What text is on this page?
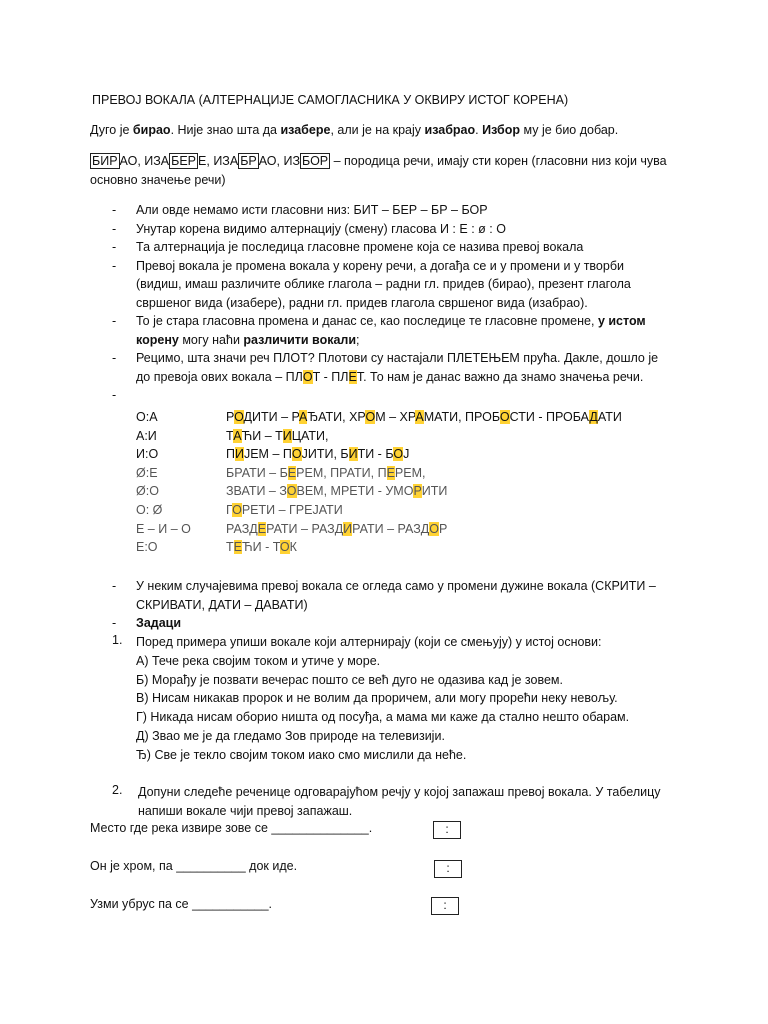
ПРЕВОЈ ВОКАЛА (АЛТЕРНАЦИЈЕ САМОГЛАСНИКА У ОКВИРУ ИСТОГ КОРЕНА)
Дуго је бирао. Није знао шта да изабере, али је на крају изабрао. Избор му је био добар.
БИР АО, ИЗА БЕР Е, ИЗА БР АО, ИЗ БОР – породица речи, имају сти корен (гласовни низ који чува
основно значење речи)
- Али овде немамо исти гласовни низ: БИТ – БЕР – БР – БОР
- Унутар корена видимо алтернацију (смену) гласова И : Е : ø : О
- Та алтернација је последица гласовне промене која се назива превој вокала
- Превој вокала је промена вокала у корену речи, а догађа се и у промени и у творби (видиш, имаш различите облике глагола – радни гл. придев (бирао), презент глагола свршеног вида (изабере), радни гл. придев глагола свршеног вида (изабрао).
- То је стара гласовна промена и данас се, као последице те гласовне промене, у истом корену могу наћи различити вокали;
- Рецимо, шта значи реч ПЛОТ? Плотови су настајали ПЛЕТЕЊЕМ прућа. Дакле, дошло је до превоја ових вокала – ПЛОТ - ПЛЕТ. То нам је данас важно да знамо значења речи.
-

О:А	РОДИТИ – РАЂАТИ, ХРОМ – ХРАМАТИ, ПРОБОСТИ - ПРОБАДАТИ
А:И	ТАЋИ – ТИЦАТИ,
И:О	ПИЈЕМ – ПОЈИТИ, БИТИ - БОЈ
Ø:Е	БРАТИ – БЕРЕМ, ПРАТИ, ПЕРЕМ,
Ø:О	ЗВАТИ – ЗОВЕМ, МРЕТИ - УМОРИТИ
О: Ø	ГОРЕТИ – ГРЕЈАТИ
Е – И – О	РАЗДЕРАТИ – РАЗДИРАТИ – РАЗДОР
Е:О	ТЕЋИ - ТОК
- У неким случајевима превој вокала се огледа само у промени дужине вокала (СКРИТИ – СКРИВАТИ, ДАТИ – ДАВАТИ)
- Задаци
1. Поред примера упиши вокале који алтернирају (који се смењују) у истој основи:
А) Тече река својим током и утиче у море.
Б) Морађу је позвати вечерас пошто се већ дуго не одазива кад је зовем.
В) Нисам никакав пророк и не волим да проричем, али могу прорећи неку невољу.
Г) Никада нисам оборио ништа од посуђа, а мама ми каже да стално нешто обарам.
Д) Звао ме је да гледамо Зов природе на телевизији.
Ђ) Све је текло својим током иако смо мислили да неће.
2.	Допуни следеће реченице одговарајућом речју у којој запажаш превој вокала. У табелицу напиши вокале чији превој запажаш.
Место где река извире зове се ______________.	:
Он је хром, па __________ док иде.	:
Узми убрус па се ___________.	:
